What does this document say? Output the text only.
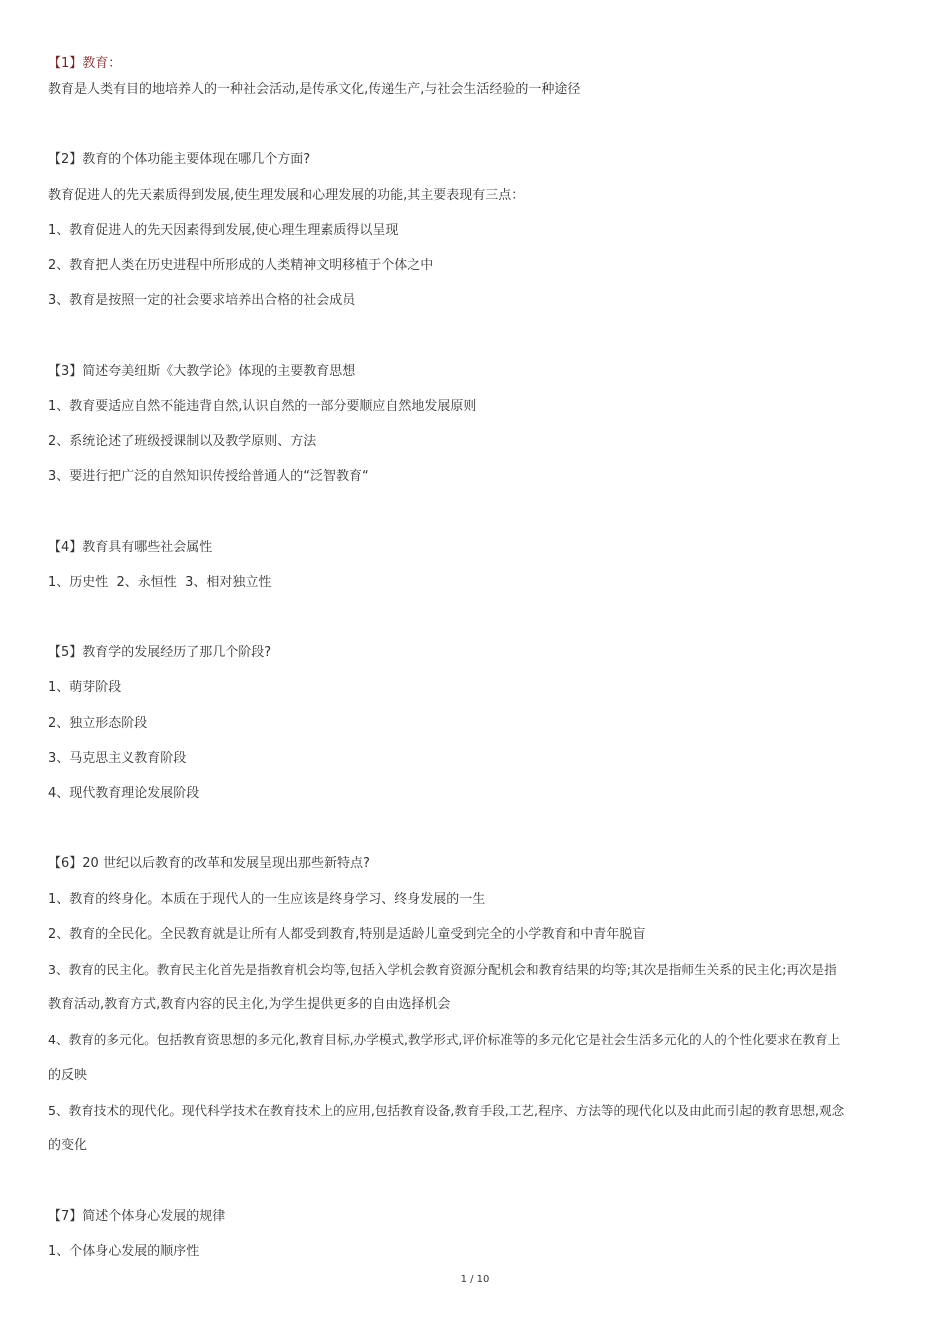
【1】教育：
教育是人类有目的地培养人的一种社会活动,是传承文化,传递生产,与社会生活经验的一种途径
【2】教育的个体功能主要体现在哪几个方面?
教育促进人的先天素质得到发展,使生理发展和心理发展的功能,其主要表现有三点：
1、教育促进人的先天因素得到发展,使心理生理素质得以呈现
2、教育把人类在历史进程中所形成的人类精神文明移植于个体之中
3、教育是按照一定的社会要求培养出合格的社会成员
【3】简述夸美纽斯《大教学论》体现的主要教育思想
1、教育要适应自然不能违背自然,认识自然的一部分要顺应自然地发展原则
2、系统论述了班级授课制以及教学原则、方法
3、要进行把广泛的自然知识传授给普通人的“泛智教育“
【4】教育具有哪些社会属性
1、历史性  2、永恒性  3、相对独立性
【5】教育学的发展经历了那几个阶段?
1、萌芽阶段
2、独立形态阶段
3、马克思主义教育阶段
4、现代教育理论发展阶段
【6】20 世纪以后教育的改革和发展呈现出那些新特点?
1、教育的终身化。本质在于现代人的一生应该是终身学习、终身发展的一生
2、教育的全民化。全民教育就是让所有人都受到教育,特别是适龄儿童受到完全的小学教育和中青年脱盲
3、教育的民主化。教育民主化首先是指教育机会均等,包括入学机会教育资源分配机会和教育结果的均等;其次是指师生关系的民主化;再次是指
教育活动,教育方式,教育内容的民主化,为学生提供更多的自由选择机会
4、教育的多元化。包括教育资思想的多元化,教育目标,办学模式,教学形式,评价标准等的多元化它是社会生活多元化的人的个性化要求在教育上
的反映
5、教育技术的现代化。现代科学技术在教育技术上的应用,包括教育设备,教育手段,工艺,程序、方法等的现代化以及由此而引起的教育思想,观念
的变化
【7】简述个体身心发展的规律
1、个体身心发展的顺序性
1 / 10
